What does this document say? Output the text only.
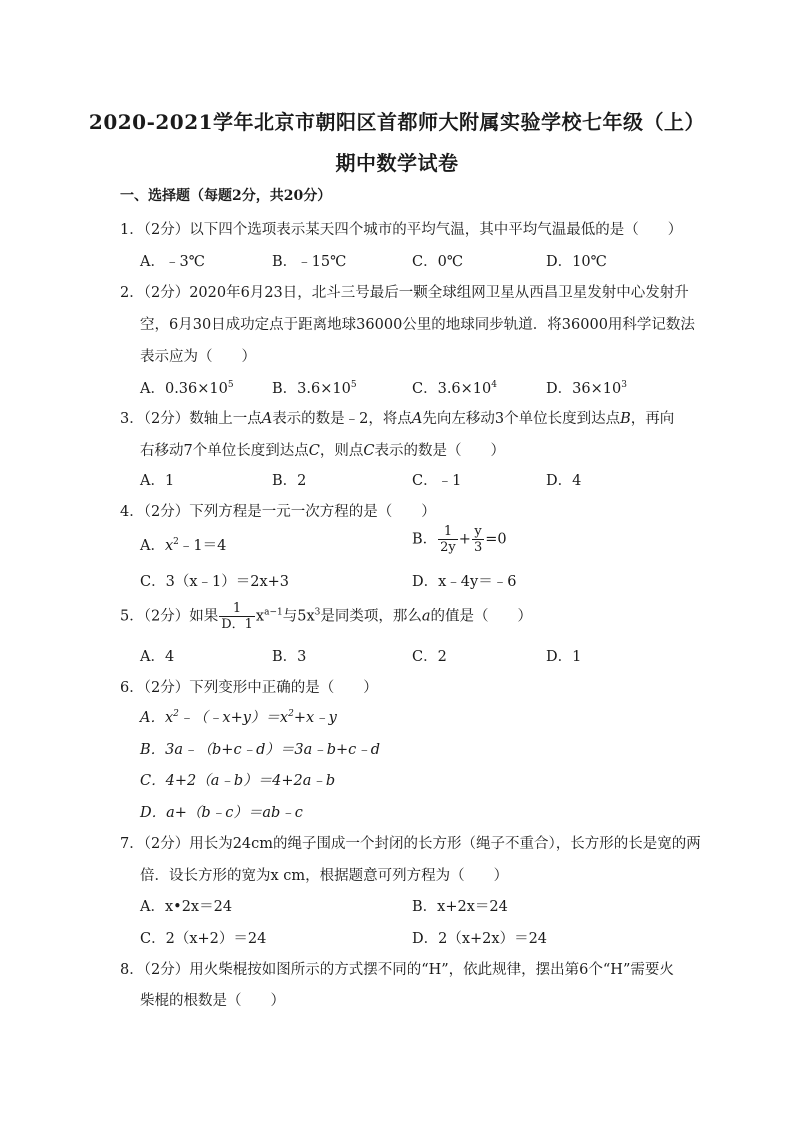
2020-2021学年北京市朝阳区首都师大附属实验学校七年级（上）
期中数学试卷
一、选择题（每题2分，共20分）
1．（2分）以下四个选项表示某天四个城市的平均气温，其中平均气温最低的是（　　）
A．﹣3℃	B．﹣15℃	C．0℃	D．10℃
2．（2分）2020年6月23日，北斗三号最后一颗全球组网卫星从西昌卫星发射中心发射升
空，6月30日成功定点于距离地球36000公里的地球同步轨道．将36000用科学记数法
表示应为（　　）
A．$0.36\times 10^5$	B．$3.6\times 10^5$	C．$3.6\times 10^4$	D．$36\times 10^3$
3．（2分）数轴上一点A表示的数是﹣2，将点A先向左移动3个单位长度到达点B，再向
右移动7个单位长度到达点C，则点C表示的数是（　　）
A．1	B．2	C．﹣1	D．4
4．（2分）下列方程是一元一次方程的是（　　）
A．$x^2﹣1=4$	B． $\frac{1}{2y} + \frac{y}{3} =0$
C．3（x﹣1）＝2x+3	D．x﹣4y＝﹣6
5．（2分）如果 $\frac{1}{D.1} x^{a-1}$与$5x^3$是同类项，那么a的值是（　　）
A．4	B．3	C．2	D．1
6．（2分）下列变形中正确的是（　　）
A．$x^2﹣(﹣x+y)=x^2+x﹣y$
B．3a﹣（b+c﹣d）＝3a﹣b+c﹣d
C．4+2（a﹣b）＝4+2a﹣b
D．a+（b﹣c）＝ab﹣c
7．（2分）用长为24cm的绳子围成一个封闭的长方形（绳子不重合），长方形的长是宽的两
倍．设长方形的宽为x cm，根据题意可列方程为（　　）
A．x•2x＝24	B．x+2x＝24
C．2（x+2）＝24	D．2（x+2x）＝24
8．（2分）用火柴棍按如图所示的方式摆不同的“H”，依此规律，摆出第6个“H”需要火
柴棍的根数是（　　）
